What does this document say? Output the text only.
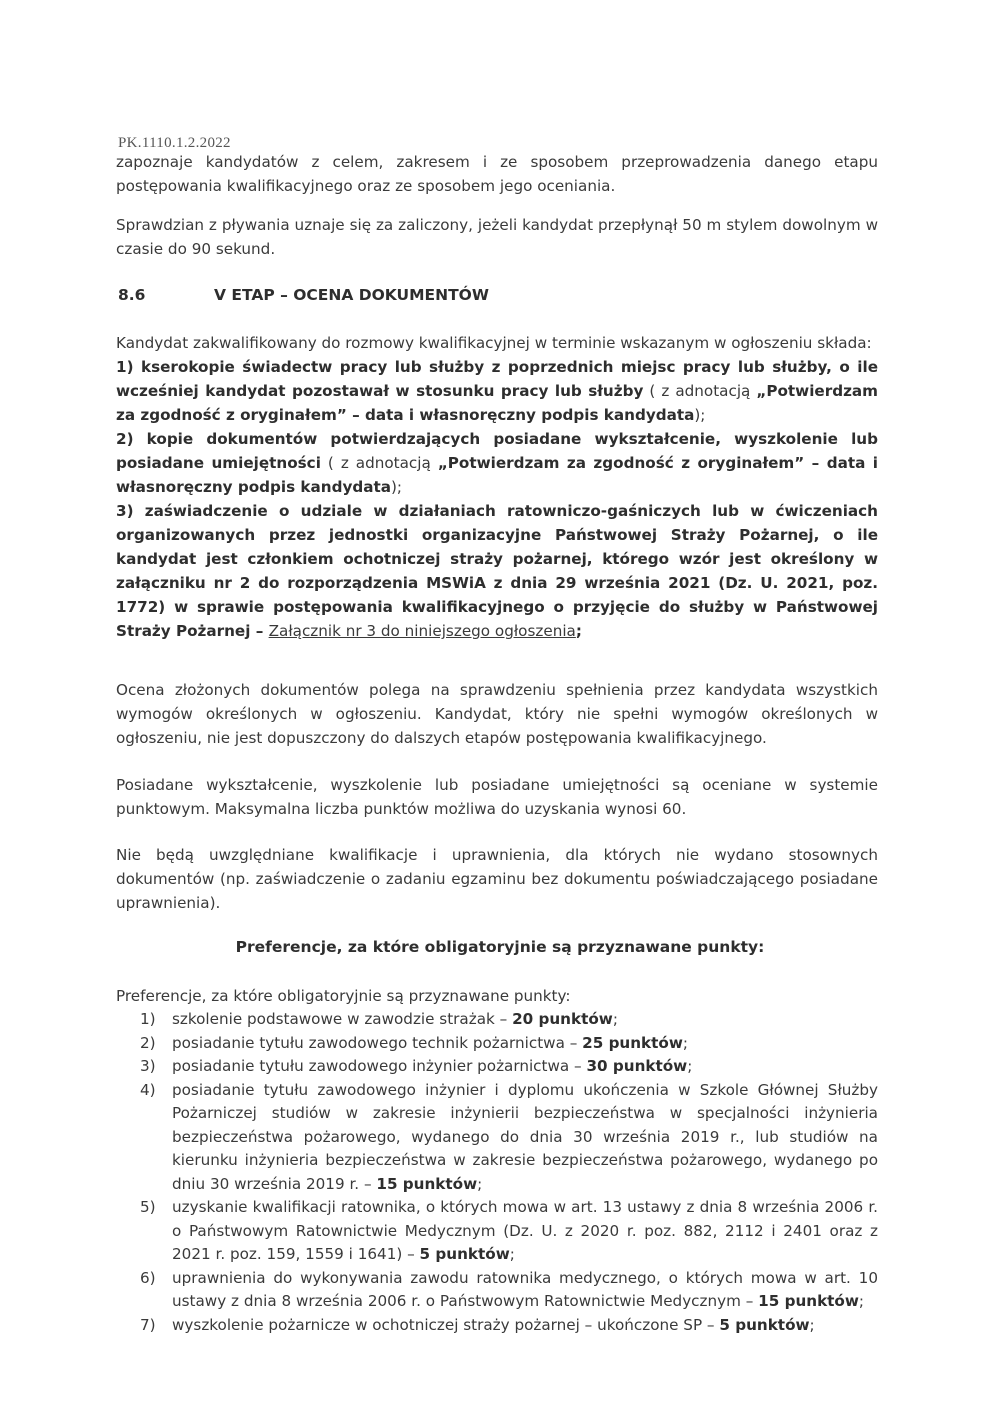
PK.1110.1.2.2022
zapoznaje kandydatów z celem, zakresem i ze sposobem przeprowadzenia danego etapu postępowania kwalifikacyjnego oraz ze sposobem jego oceniania.
Sprawdzian z pływania uznaje się za zaliczony, jeżeli kandydat przepłynął 50 m stylem dowolnym w czasie do 90 sekund.
8.6	V ETAP – OCENA DOKUMENTÓW
Kandydat zakwalifikowany do rozmowy kwalifikacyjnej w terminie wskazanym w ogłoszeniu składa:
1) kserokopie świadectw pracy lub służby z poprzednich miejsc pracy lub służby, o ile wcześniej kandydat pozostawał w stosunku pracy lub służby ( z adnotacją „Potwierdzam za zgodność z oryginałem” – data i własnoręczny podpis kandydata);
2) kopie dokumentów potwierdzających posiadane wykształcenie, wyszkolenie lub posiadane umiejętności ( z adnotacją „Potwierdzam za zgodność z oryginałem” – data i własnoręczny podpis kandydata);
3) zaświadczenie o udziale w działaniach ratowniczo-gaśniczych lub w ćwiczeniach organizowanych przez jednostki organizacyjne Państwowej Straży Pożarnej, o ile kandydat jest członkiem ochotniczej straży pożarnej, którego wzór jest określony w załączniku nr 2 do rozporządzenia MSWiA z dnia 29 września 2021 (Dz. U. 2021, poz. 1772) w sprawie postępowania kwalifikacyjnego o przyjęcie do służby w Państwowej Straży Pożarnej – Załącznik nr 3 do niniejszego ogłoszenia;
Ocena złożonych dokumentów polega na sprawdzeniu spełnienia przez kandydata wszystkich wymogów określonych w ogłoszeniu. Kandydat, który nie spełni wymogów określonych w ogłoszeniu, nie jest dopuszczony do dalszych etapów postępowania kwalifikacyjnego.
Posiadane wykształcenie, wyszkolenie lub posiadane umiejętności są oceniane w systemie punktowym. Maksymalna liczba punktów możliwa do uzyskania wynosi 60.
Nie będą uwzględniane kwalifikacje i uprawnienia, dla których nie wydano stosownych dokumentów (np. zaświadczenie o zadaniu egzaminu bez dokumentu poświadczającego posiadane uprawnienia).
Preferencje, za które obligatoryjnie są przyznawane punkty:
Preferencje, za które obligatoryjnie są przyznawane punkty:
1) szkolenie podstawowe w zawodzie strażak – 20 punktów;
2) posiadanie tytułu zawodowego technik pożarnictwa – 25 punktów;
3) posiadanie tytułu zawodowego inżynier pożarnictwa – 30 punktów;
4) posiadanie tytułu zawodowego inżynier i dyplomu ukończenia w Szkole Głównej Służby Pożarniczej studiów w zakresie inżynierii bezpieczeństwa w specjalności inżynieria bezpieczeństwa pożarowego, wydanego do dnia 30 września 2019 r., lub studiów na kierunku inżynieria bezpieczeństwa w zakresie bezpieczeństwa pożarowego, wydanego po dniu 30 września 2019 r. – 15 punktów;
5) uzyskanie kwalifikacji ratownika, o których mowa w art. 13 ustawy z dnia 8 września 2006 r. o Państwowym Ratownictwie Medycznym (Dz. U. z 2020 r. poz. 882, 2112 i 2401 oraz z 2021 r. poz. 159, 1559 i 1641) – 5 punktów;
6) uprawnienia do wykonywania zawodu ratownika medycznego, o których mowa w art. 10 ustawy z dnia 8 września 2006 r. o Państwowym Ratownictwie Medycznym – 15 punktów;
7) wyszkolenie pożarnicze w ochotniczej straży pożarnej – ukończone SP – 5 punktów;
